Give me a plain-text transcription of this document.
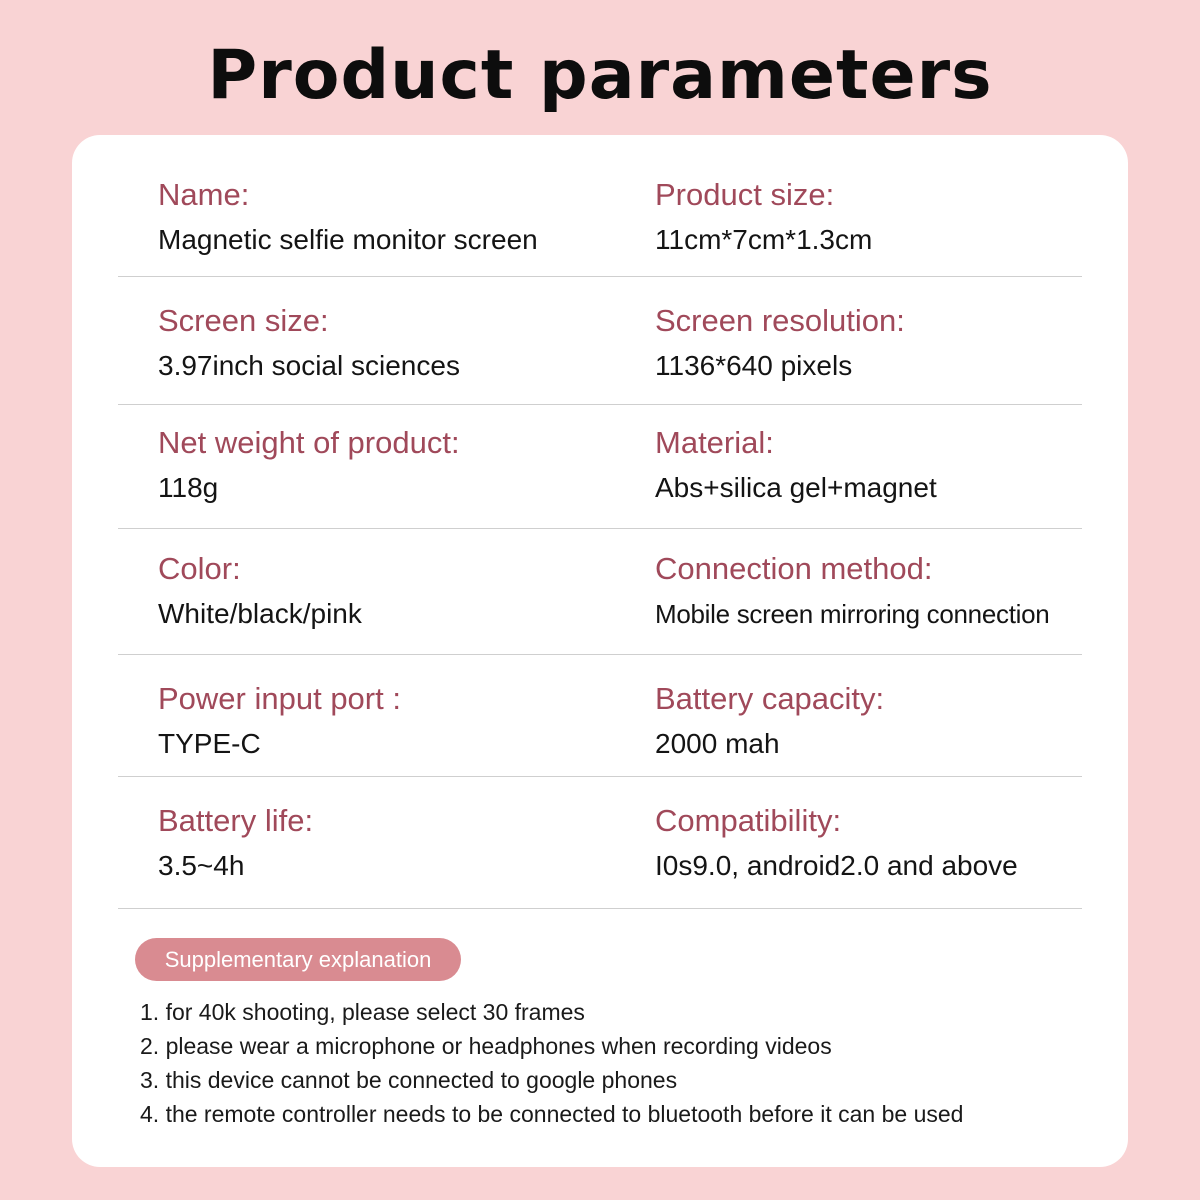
Product parameters
Name:
Magnetic selfie monitor screen
Product size:
11cm*7cm*1.3cm
Screen size:
3.97inch social sciences
Screen resolution:
1136*640 pixels
Net weight of product:
118g
Material:
Abs+silica gel+magnet
Color:
White/black/pink
Connection method:
Mobile screen mirroring connection
Power input port :
TYPE-C
Battery capacity:
2000 mah
Battery life:
3.5~4h
Compatibility:
I0s9.0, android2.0 and above
Supplementary explanation
1. for 40k shooting, please select 30 frames
2. please wear a microphone or headphones when recording videos
3. this device cannot be connected to google phones
4. the remote controller needs to be connected to bluetooth before it can be used
